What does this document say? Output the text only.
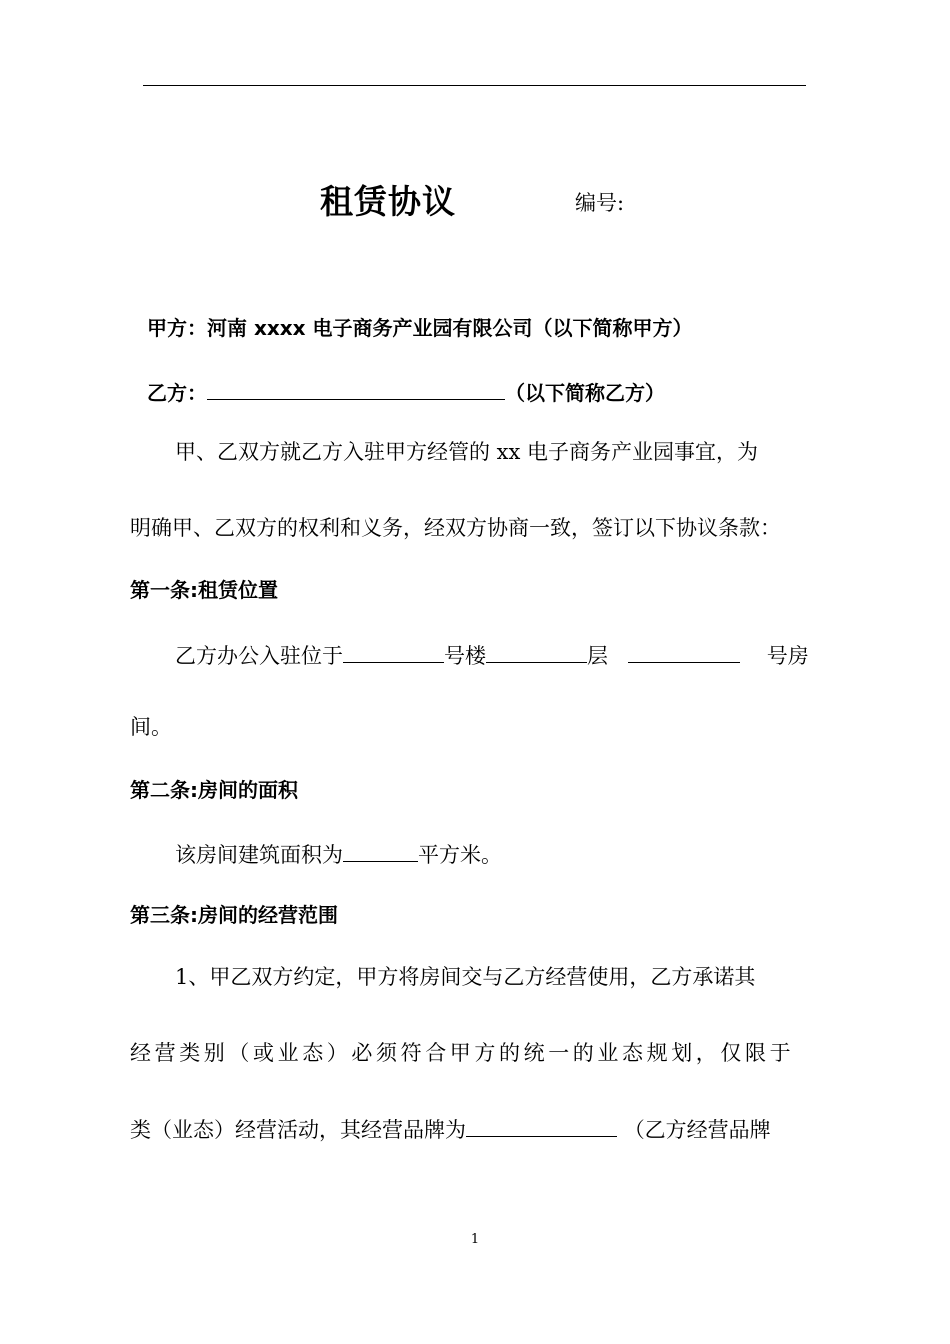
租赁协议	编号:
甲方：河南 xxxx 电子商务产业园有限公司（以下简称甲方）
乙方：	（以下简称乙方）
甲、乙双方就乙方入驻甲方经管的 xx 电子商务产业园事宜，为
明确甲、乙双方的权利和义务，经双方协商一致，签订以下协议条款：
第一条:租赁位置
乙方办公入驻位于	号楼	层	号房
间。
第二条:房间的面积
该房间建筑面积为	平方米。
第三条:房间的经营范围
1、甲乙双方约定，甲方将房间交与乙方经营使用，乙方承诺其
经营类别（或业态）必须符合甲方的统一的业态规划，仅限于
类（业态）经营活动，其经营品牌为	（乙方经营品牌
1
